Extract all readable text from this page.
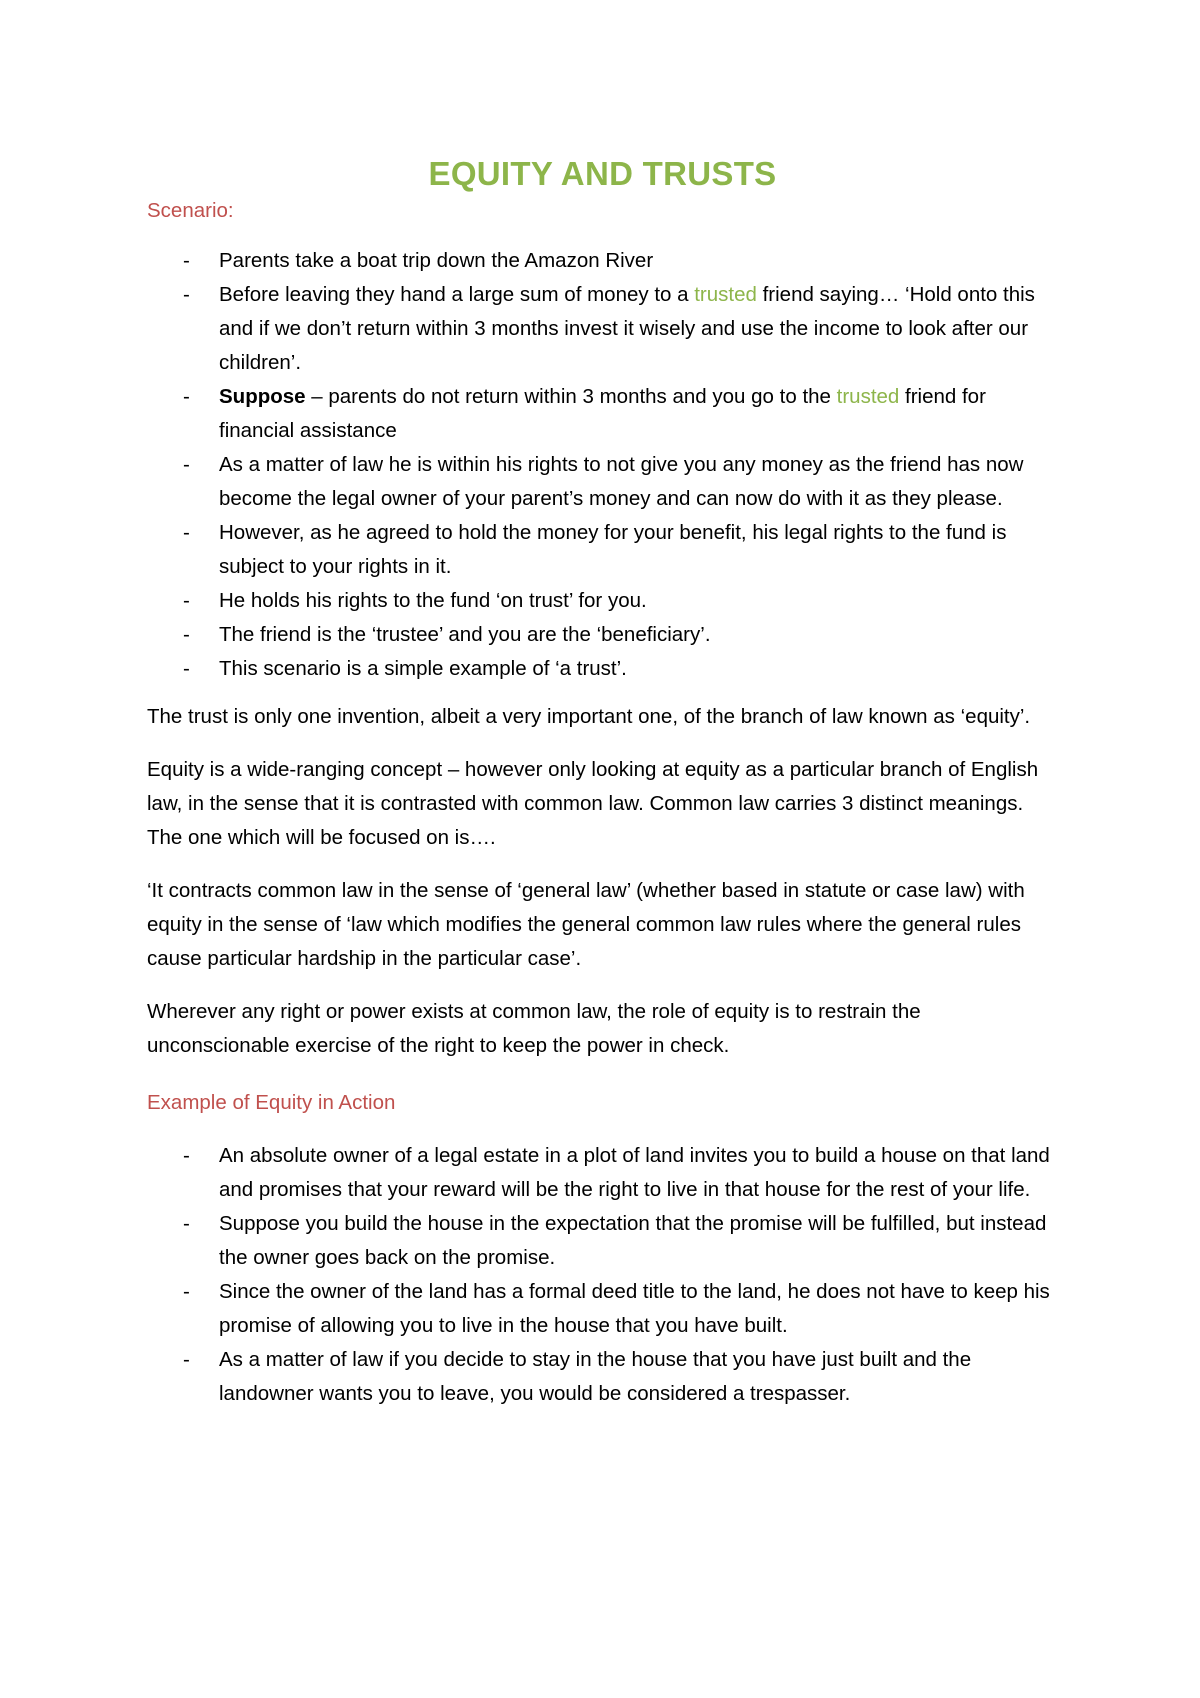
EQUITY AND TRUSTS
Scenario:
- Parents take a boat trip down the Amazon River
- Before leaving they hand a large sum of money to a trusted friend saying… ‘Hold onto this and if we don’t return within 3 months invest it wisely and use the income to look after our children’.
- Suppose – parents do not return within 3 months and you go to the trusted friend for financial assistance
- As a matter of law he is within his rights to not give you any money as the friend has now become the legal owner of your parent’s money and can now do with it as they please.
- However, as he agreed to hold the money for your benefit, his legal rights to the fund is subject to your rights in it.
- He holds his rights to the fund ‘on trust’ for you.
- The friend is the ‘trustee’ and you are the ‘beneficiary’.
- This scenario is a simple example of ‘a trust’.

The trust is only one invention, albeit a very important one, of the branch of law known as ‘equity’.

Equity is a wide-ranging concept – however only looking at equity as a particular branch of English law, in the sense that it is contrasted with common law. Common law carries 3 distinct meanings. The one which will be focused on is….

‘It contracts common law in the sense of ‘general law’ (whether based in statute or case law) with equity in the sense of ‘law which modifies the general common law rules where the general rules cause particular hardship in the particular case’.

Wherever any right or power exists at common law, the role of equity is to restrain the unconscionable exercise of the right to keep the power in check.

Example of Equity in Action
- An absolute owner of a legal estate in a plot of land invites you to build a house on that land and promises that your reward will be the right to live in that house for the rest of your life.
- Suppose you build the house in the expectation that the promise will be fulfilled, but instead the owner goes back on the promise.
- Since the owner of the land has a formal deed title to the land, he does not have to keep his promise of allowing you to live in the house that you have built.
- As a matter of law if you decide to stay in the house that you have just built and the landowner wants you to leave, you would be considered a trespasser.
